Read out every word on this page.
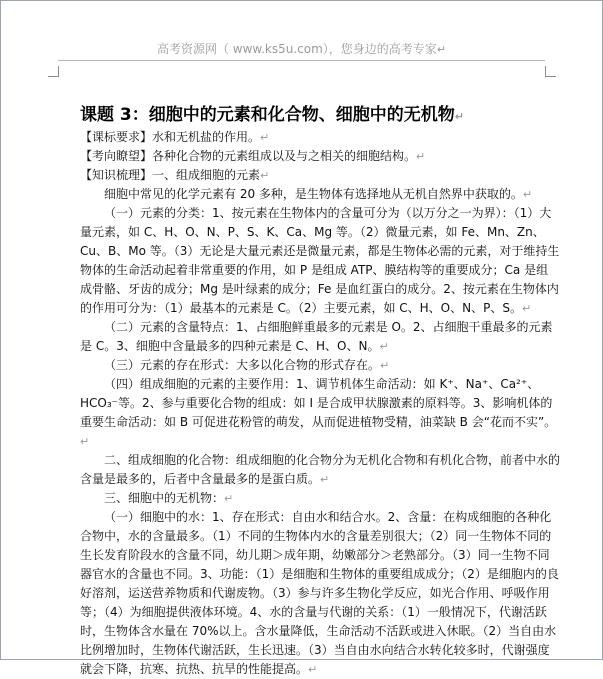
高考资源网（ www.ks5u.com），您身边的高考专家↵
课题 3：细胞中的元素和化合物、细胞中的无机物↵

【课标要求】水和无机盐的作用。↵

【考向瞭望】各种化合物的元素组成以及与之相关的细胞结构。↵

【知识梳理】一、组成细胞的元素↵

细胞中常见的化学元素有 20 多种，是生物体有选择地从无机自然界中获取的。↵

（一）元素的分类：1、按元素在生物体内的含量可分为（以万分之一为界）：（1）大量元素，如 C、H、O、N、P、S、K、Ca、Mg 等。（2）微量元素，如 Fe、Mn、Zn、Cu、B、Mo 等。（3）无论是大量元素还是微量元素，都是生物体必需的元素，对于维持生物体的生命活动起着非常重要的作用，如 P 是组成 ATP、膜结构等的重要成分；Ca 是组成骨骼、牙齿的成分；Mg 是叶绿素的成分；Fe 是血红蛋白的成分。2、按元素在生物体内的作用可分为：（1）最基本的元素是 C。（2）主要元素，如 C、H、O、N、P、S。↵

（二）元素的含量特点：1、占细胞鲜重最多的元素是 O。2、占细胞干重最多的元素是 C。3、细胞中含量最多的四种元素是 C、H、O、N。↵

（三）元素的存在形式：大多以化合物的形式存在。↵

（四）组成细胞的元素的主要作用：1、调节机体生命活动：如 K⁺、Na⁺、Ca²⁺、HCO₃⁻等。2、参与重要化合物的组成：如 I 是合成甲状腺激素的原料等。3、影响机体的重要生命活动：如 B 可促进花粉管的萌发，从而促进植物受精，油菜缺 B 会“花而不实”。↵

二、组成细胞的化合物：组成细胞的化合物分为无机化合物和有机化合物，前者中水的含量是最多的，后者中含量最多的是蛋白质。↵

三、细胞中的无机物：↵

（一）细胞中的水：1、存在形式：自由水和结合水。2、含量：在构成细胞的各种化合物中，水的含量最多。（1）不同的生物体内水的含量差别很大；（2）同一生物体不同的生长发育阶段水的含量不同，幼儿期＞成年期，幼嫩部分＞老熟部分。（3）同一生物不同器官水的含量也不同。3、功能：（1）是细胞和生物体的重要组成成分；（2）是细胞内的良好溶剂，运送营养物质和代谢废物。（3）参与许多生物化学反应，如光合作用、呼吸作用等；（4）为细胞提供液体环境。4、水的含量与代谢的关系：（1）一般情况下，代谢活跃时，生物体含水量在 70%以上。含水量降低，生命活动不活跃或进入休眠。（2）当自由水比例增加时，生物体代谢活跃，生长迅速。（3）当自由水向结合水转化较多时，代谢强度就会下降，抗寒、抗热、抗旱的性能提高。↵
